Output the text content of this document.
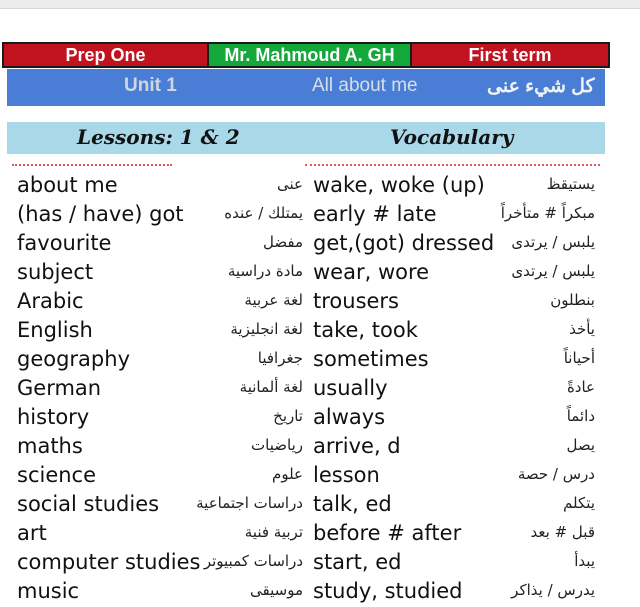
Prep One	Mr. Mahmoud A. GH	First term
Unit 1	All about me	كل شيء عنى
Lessons: 1 & 2	Vocabulary
about me	عنى
(has / have) got	يمتلك / عنده
favourite	مفضل
subject	مادة دراسية
Arabic	لغة عربية
English	لغة انجليزية
geography	جغرافيا
German	لغة ألمانية
history	تاريخ
maths	رياضيات
science	علوم
social studies دراسات اجتماعية
art	تربية فنية
computer studies دراسات كمبيوتر
music	موسيقى
wake, woke (up)	يستيقظ
early # late	مبكراً # متأخراً
get,(got) dressed يلبس / يرتدى
wear, wore	يلبس / يرتدى
trousers	بنطلون
take, took	يأخذ
sometimes	أحياناً
usually	عادةً
always	دائماً
arrive, d	يصل
lesson	درس / حصة
talk, ed	يتكلم
before # after	قبل # بعد
start, ed	يبدأ
study, studied	يدرس / يذاكر
